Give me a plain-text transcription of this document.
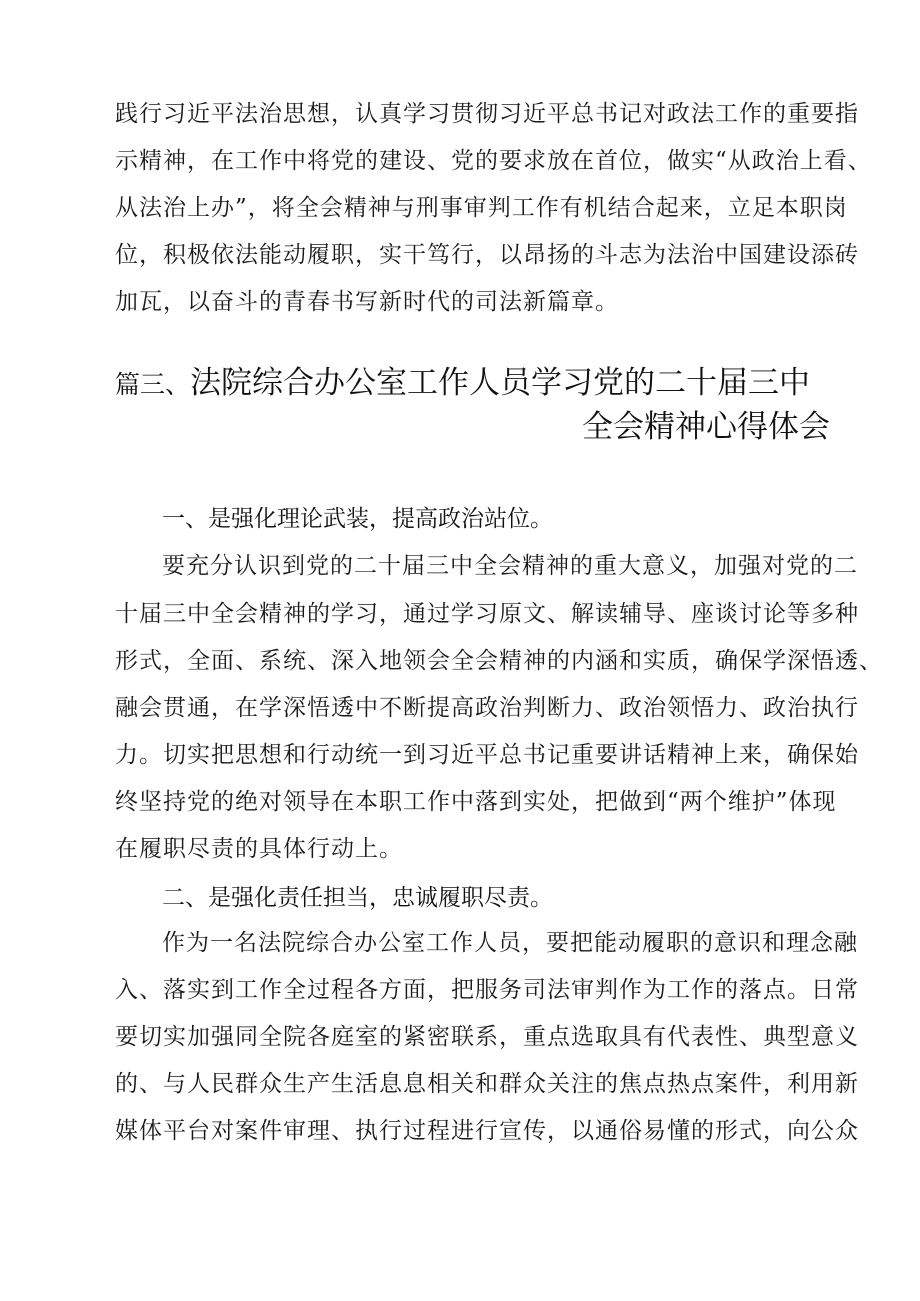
践行习近平法治思想，认真学习贯彻习近平总书记对政法工作的重要指
示精神，在工作中将党的建设、党的要求放在首位，做实“从政治上看、
从法治上办”，将全会精神与刑事审判工作有机结合起来，立足本职岗
位，积极依法能动履职，实干笃行，以昂扬的斗志为法治中国建设添砖
加瓦，以奋斗的青春书写新时代的司法新篇章。
篇三、法院综合办公室工作人员学习党的二十届三中
全会精神心得体会
一、是强化理论武装，提高政治站位。
要充分认识到党的二十届三中全会精神的重大意义，加强对党的二
十届三中全会精神的学习，通过学习原文、解读辅导、座谈讨论等多种
形式，全面、系统、深入地领会全会精神的内涵和实质，确保学深悟透、
融会贯通，在学深悟透中不断提高政治判断力、政治领悟力、政治执行
力。切实把思想和行动统一到习近平总书记重要讲话精神上来，确保始
终坚持党的绝对领导在本职工作中落到实处，把做到“两个维护”体现
在履职尽责的具体行动上。
二、是强化责任担当，忠诚履职尽责。
作为一名法院综合办公室工作人员，要把能动履职的意识和理念融
入、落实到工作全过程各方面，把服务司法审判作为工作的落点。日常
要切实加强同全院各庭室的紧密联系，重点选取具有代表性、典型意义
的、与人民群众生产生活息息相关和群众关注的焦点热点案件，利用新
媒体平台对案件审理、执行过程进行宣传，以通俗易懂的形式，向公众
